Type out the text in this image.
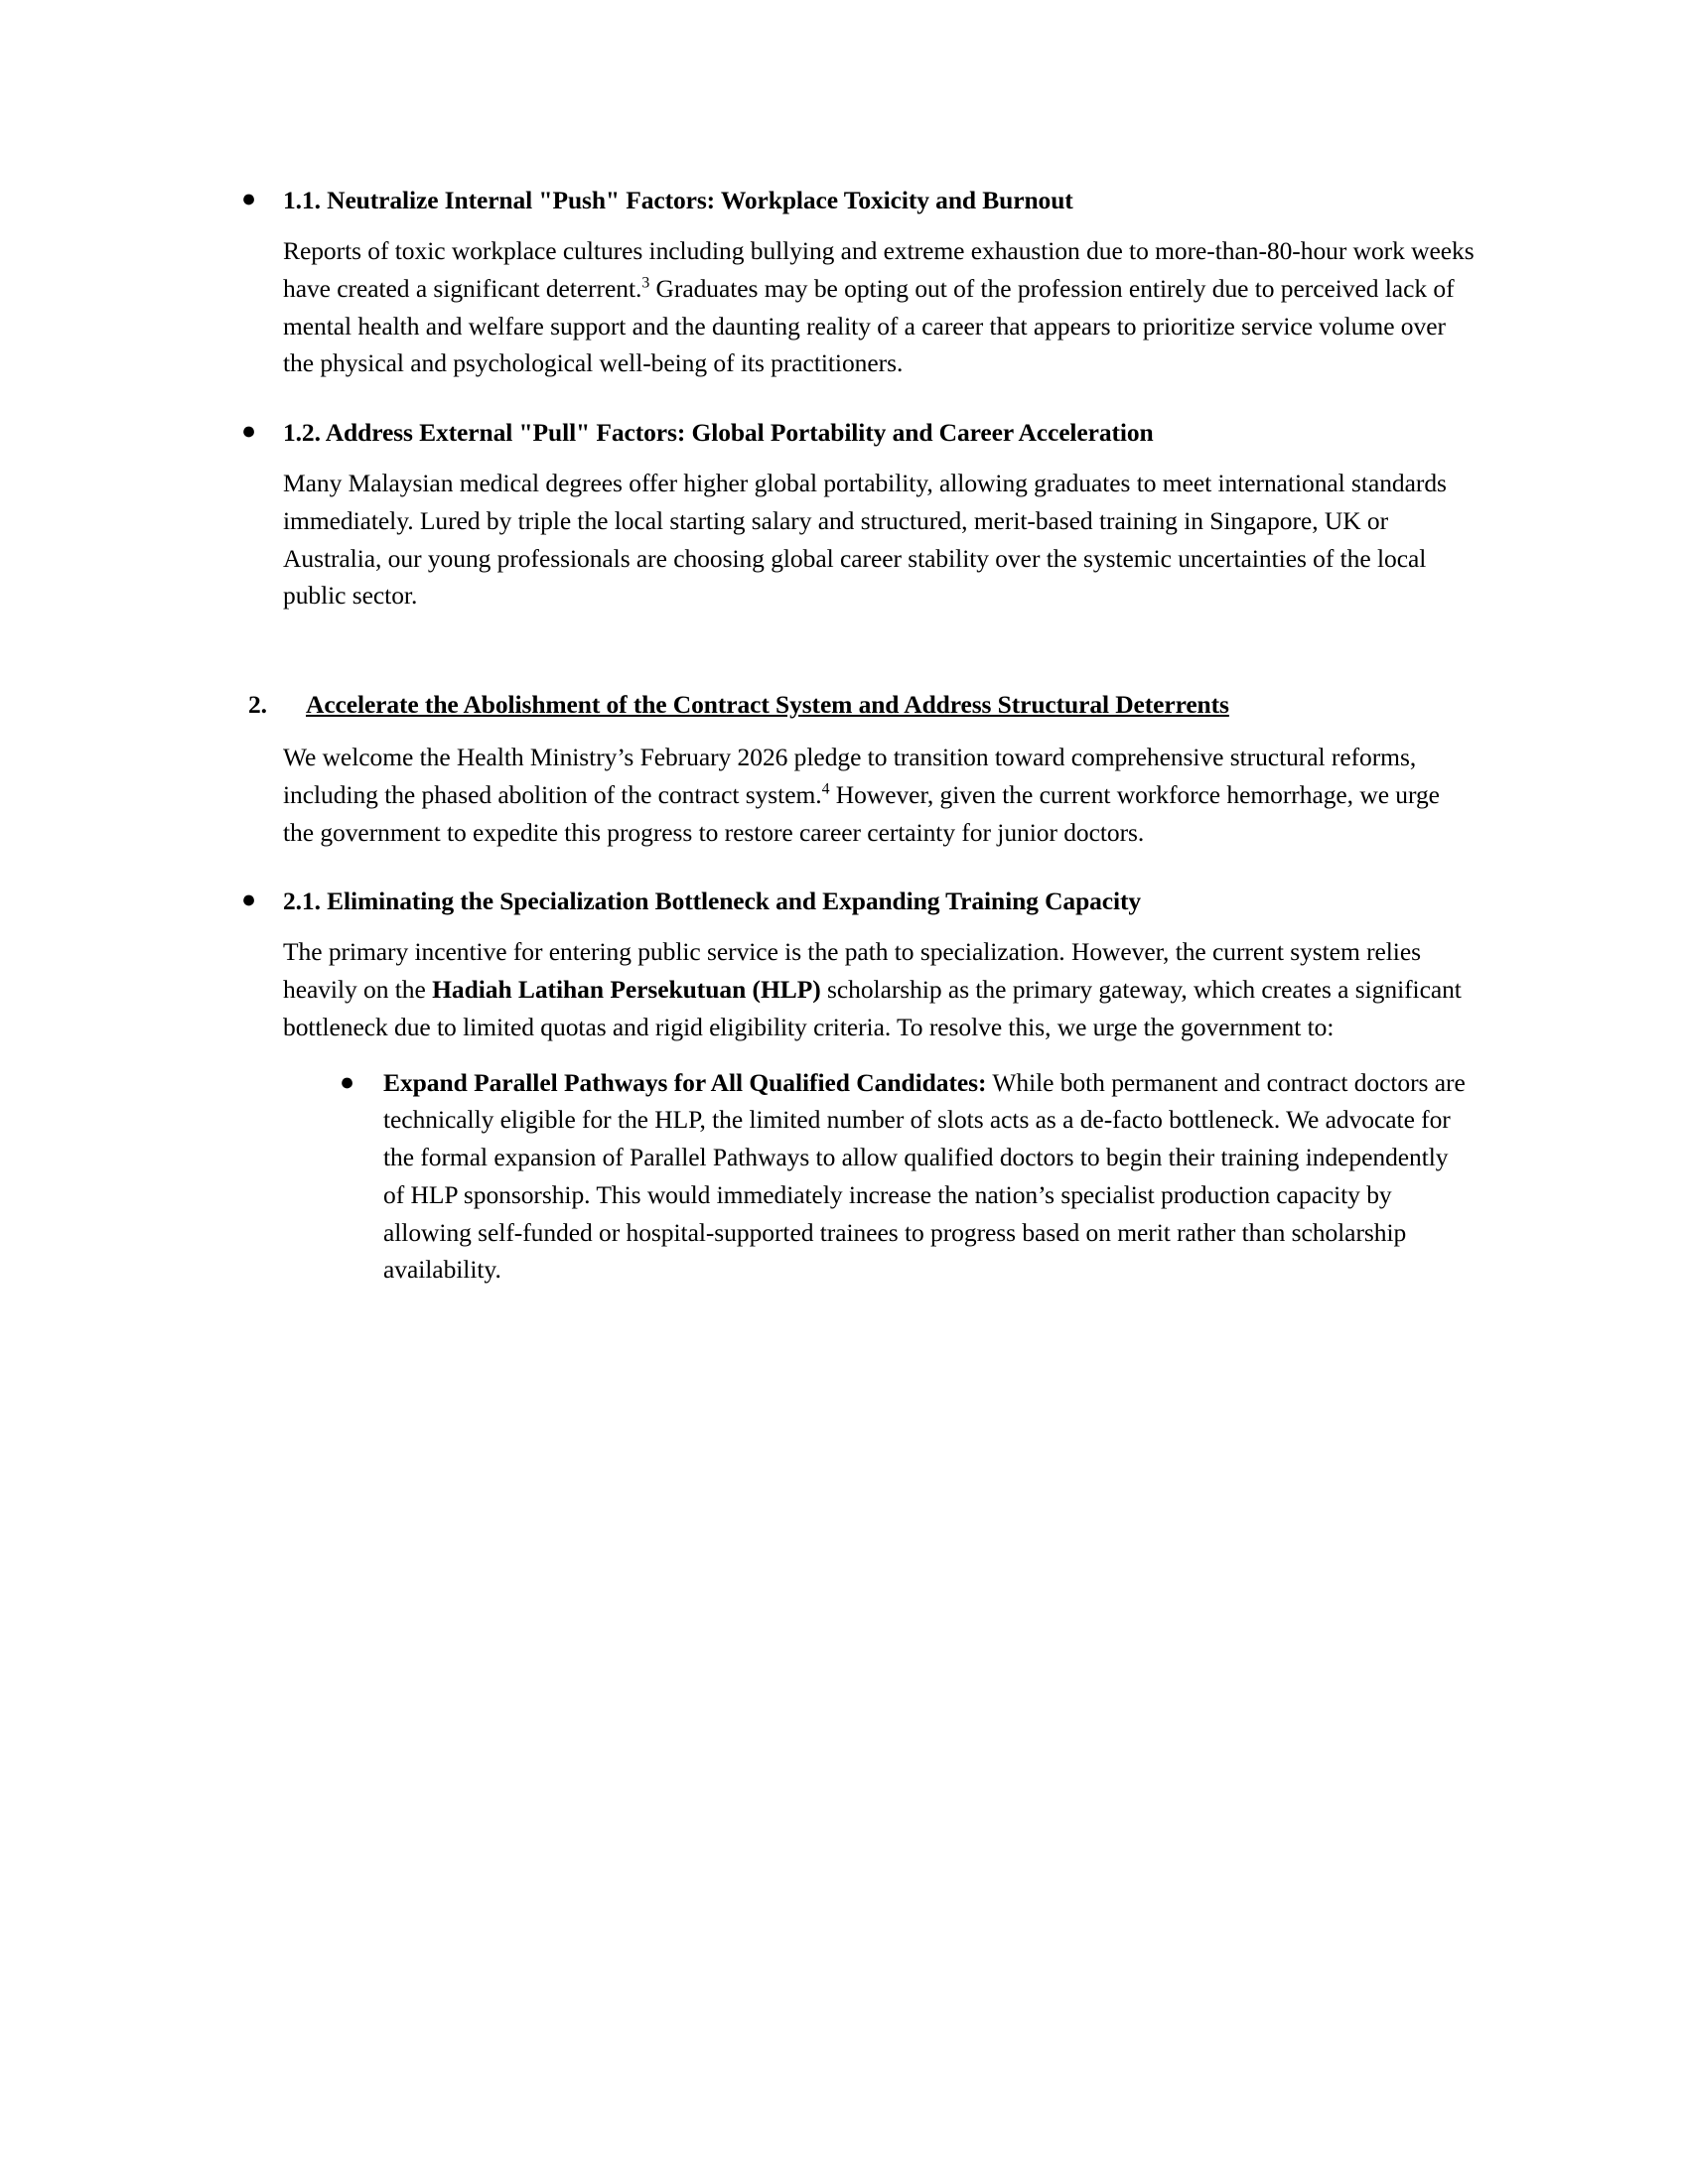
● 1.1. Neutralize Internal "Push" Factors: Workplace Toxicity and Burnout

Reports of toxic workplace cultures including bullying and extreme exhaustion due to more-than-80-hour work weeks have created a significant deterrent.$^3$ Graduates may be opting out of the profession entirely due to perceived lack of mental health and welfare support and the daunting reality of a career that appears to prioritize service volume over the physical and psychological well-being of its practitioners.

● 1.2. Address External "Pull" Factors: Global Portability and Career Acceleration

Many Malaysian medical degrees offer higher global portability, allowing graduates to meet international standards immediately. Lured by triple the local starting salary and structured, merit-based training in Singapore, UK or Australia, our young professionals are choosing global career stability over the systemic uncertainties of the local public sector.

2. Accelerate the Abolishment of the Contract System and Address Structural Deterrents

We welcome the Health Ministry’s February 2026 pledge to transition toward comprehensive structural reforms, including the phased abolition of the contract system.$^4$ However, given the current workforce hemorrhage, we urge the government to expedite this progress to restore career certainty for junior doctors.

● 2.1. Eliminating the Specialization Bottleneck and Expanding Training Capacity

The primary incentive for entering public service is the path to specialization. However, the current system relies heavily on the Hadiah Latihan Persekutuan (HLP) scholarship as the primary gateway, which creates a significant bottleneck due to limited quotas and rigid eligibility criteria. To resolve this, we urge the government to:

● Expand Parallel Pathways for All Qualified Candidates: While both permanent and contract doctors are technically eligible for the HLP, the limited number of slots acts as a de-facto bottleneck. We advocate for the formal expansion of Parallel Pathways to allow qualified doctors to begin their training independently of HLP sponsorship. This would immediately increase the nation’s specialist production capacity by allowing self-funded or hospital-supported trainees to progress based on merit rather than scholarship availability.
